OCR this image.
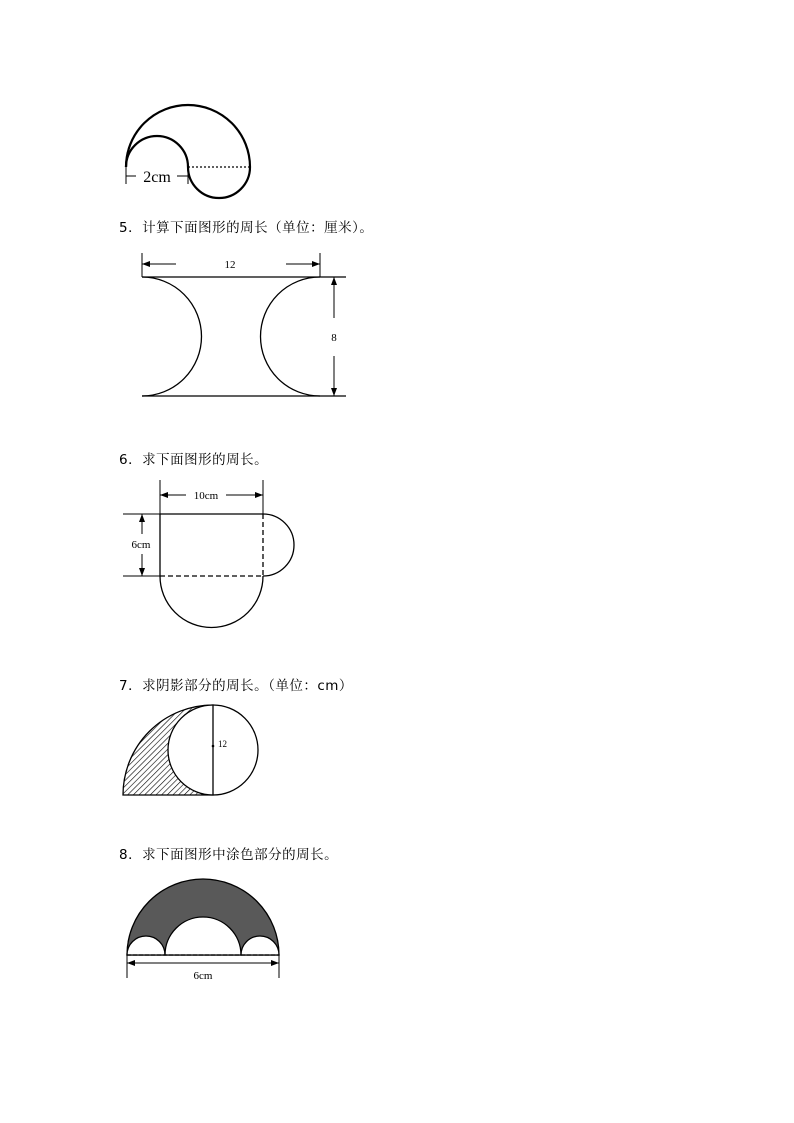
2cm
12
8
10cm
6cm
12
6cm
5．计算下面图形的周长（单位：厘米）。
6．求下面图形的周长。
7．求阴影部分的周长。（单位：cm）
8．求下面图形中涂色部分的周长。
